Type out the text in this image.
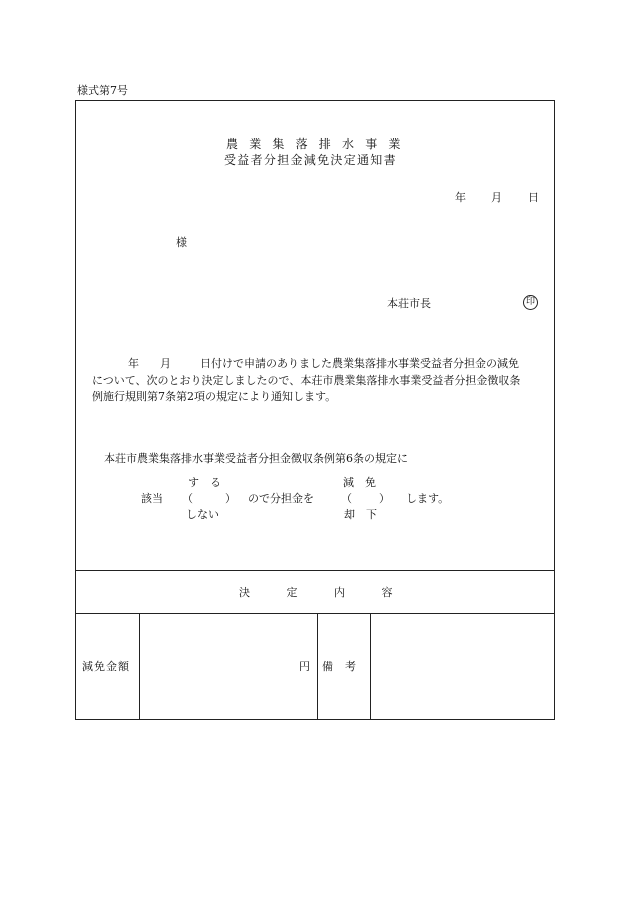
様式第7号
農業集落排水事業
受益者分担金減免決定通知書
年 月 日
様
本荘市長	印
年 月	日付けで申請のありました農業集落排水事業受益者分担金の減免
について、次のとおり決定しましたので、本荘市農業集落排水事業受益者分担金徴収条
例施行規則第7条第2項の規定により通知します。
本荘市農業集落排水事業受益者分担金徴収条例第6条の規定に
す　る
該当 （	）
しない
ので分担金を
減　免
（ ）
却　下
します。
決 定 内 容
減免金額	円 備考
